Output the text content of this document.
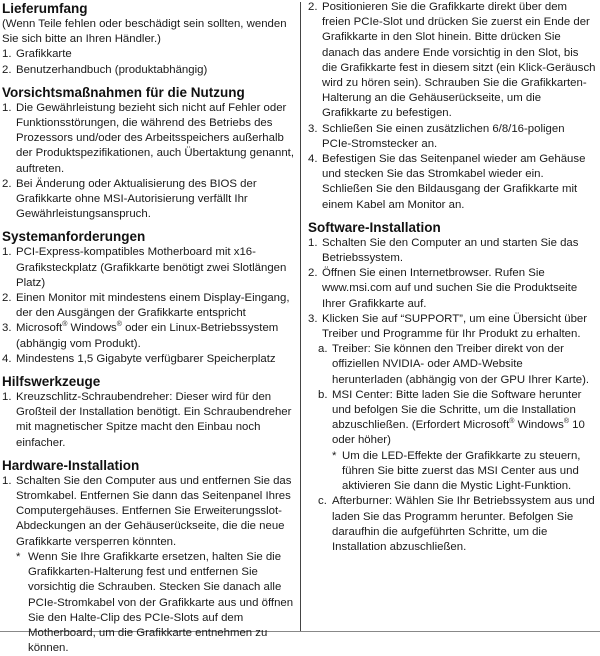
Lieferumfang

(Wenn Teile fehlen oder beschädigt sein sollten, wenden Sie sich bitte an Ihren Händler.)

1. Grafikkarte
2. Benutzerhandbuch (produktabhängig)
Vorsichtsmaßnahmen für die Nutzung
1. Die Gewährleistung bezieht sich nicht auf Fehler oder Funktionsstörungen, die während des Betriebs des Prozessors und/oder des Arbeitsspeichers außerhalb der Produktspezifikationen, auch Übertaktung genannt, auftreten.
2. Bei Änderung oder Aktualisierung des BIOS der Grafikkarte ohne MSI-Autorisierung verfällt Ihr Gewährleistungsanspruch.
Systemanforderungen
1. PCI-Express-kompatibles Motherboard mit x16-Grafiksteckplatz (Grafikkarte benötigt zwei Slotlängen Platz)
2. Einen Monitor mit mindestens einem Display-Eingang, der den Ausgängen der Grafikkarte entspricht
3. Microsoft® Windows® oder ein Linux-Betriebssystem (abhängig vom Produkt).
4. Mindestens 1,5 Gigabyte verfügbarer Speicherplatz
Hilfswerkzeuge
1. Kreuzschlitz-Schraubendreher: Dieser wird für den Großteil der Installation benötigt. Ein Schraubendreher mit magnetischer Spitze macht den Einbau noch einfacher.
Hardware-Installation
1. Schalten Sie den Computer aus und entfernen Sie das Stromkabel. Entfernen Sie dann das Seitenpanel Ihres Computergehäuses. Entfernen Sie Erweiterungsslot-Abdeckungen an der Gehäuserückseite, die die neue Grafikkarte versperren könnten.

* Wenn Sie Ihre Grafikkarte ersetzen, halten Sie die Grafikkarten-Halterung fest und entfernen Sie vorsichtig die Schrauben. Stecken Sie danach alle PCIe-Stromkabel von der Grafikkarte aus und öffnen Sie den Halte-Clip des PCIe-Slots auf dem Motherboard, um die Grafikkarte entnehmen zu können.

2. Positionieren Sie die Grafikkarte direkt über dem freien PCIe-Slot und drücken Sie zuerst ein Ende der Grafikkarte in den Slot hinein. Bitte drücken Sie danach das andere Ende vorsichtig in den Slot, bis die Grafikkarte fest in diesem sitzt (ein Klick-Geräusch wird zu hören sein). Schrauben Sie die Grafikkarten-Halterung an die Gehäuserückseite, um die Grafikkarte zu befestigen.
3. Schließen Sie einen zusätzlichen 6/8/16-poligen PCIe-Stromstecker an.
4. Befestigen Sie das Seitenpanel wieder am Gehäuse und stecken Sie das Stromkabel wieder ein. Schließen Sie den Bildausgang der Grafikkarte mit einem Kabel am Monitor an.
Software-Installation
1. Schalten Sie den Computer an und starten Sie das Betriebssystem.
2. Öffnen Sie einen Internetbrowser. Rufen Sie www.msi.com auf und suchen Sie die Produktseite Ihrer Grafikkarte auf.
3. Klicken Sie auf “SUPPORT”, um eine Übersicht über Treiber und Programme für Ihr Produkt zu erhalten.
a. Treiber: Sie können den Treiber direkt von der offiziellen NVIDIA- oder AMD-Website herunterladen (abhängig von der GPU Ihrer Karte).
b. MSI Center: Bitte laden Sie die Software herunter und befolgen Sie die Schritte, um die Installation abzuschließen. (Erfordert Microsoft® Windows® 10 oder höher)

* Um die LED-Effekte der Grafikkarte zu steuern, führen Sie bitte zuerst das MSI Center aus und aktivieren Sie dann die Mystic Light-Funktion.

c. Afterburner: Wählen Sie Ihr Betriebssystem aus und laden Sie das Programm herunter. Befolgen Sie daraufhin die aufgeführten Schritte, um die Installation abzuschließen.
